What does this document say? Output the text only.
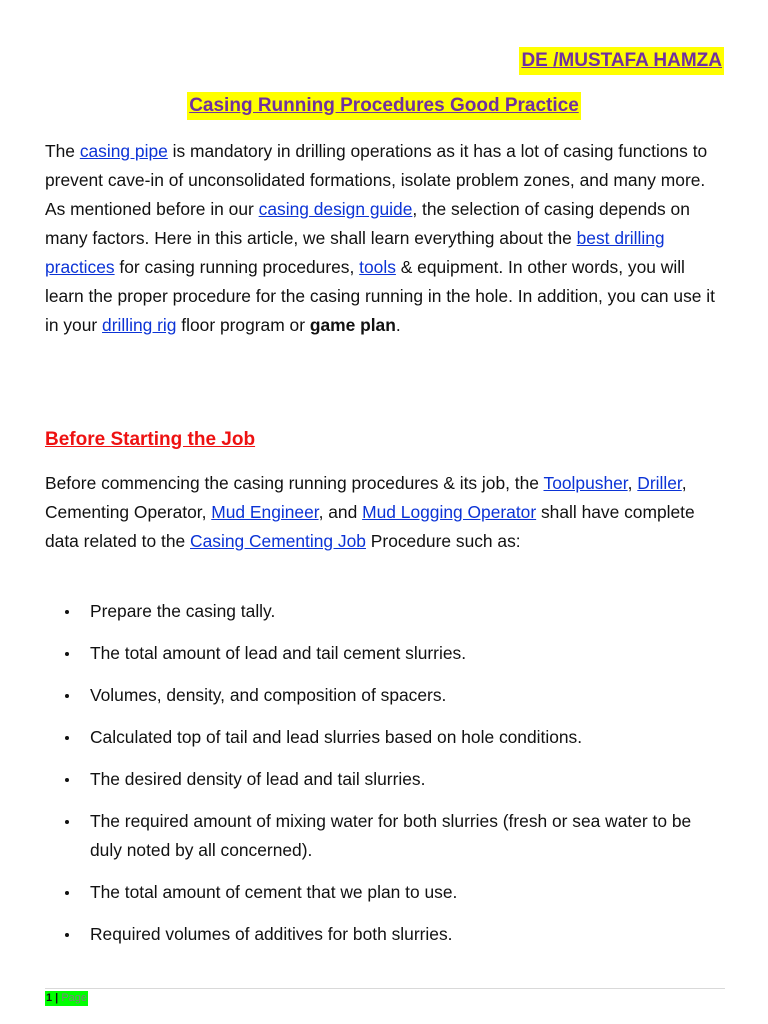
DE /MUSTAFA HAMZA
Casing Running Procedures Good Practice

The casing pipe is mandatory in drilling operations as it has a lot of casing functions to prevent cave-in of unconsolidated formations, isolate problem zones, and many more. As mentioned before in our casing design guide, the selection of casing depends on many factors. Here in this article, we shall learn everything about the best drilling practices for casing running procedures, tools & equipment. In other words, you will learn the proper procedure for the casing running in the hole. In addition, you can use it in your drilling rig floor program or game plan.

Before Starting the Job

Before commencing the casing running procedures & its job, the Toolpusher, Driller, Cementing Operator, Mud Engineer, and Mud Logging Operator shall have complete data related to the Casing Cementing Job Procedure such as:

Prepare the casing tally.
The total amount of lead and tail cement slurries.
Volumes, density, and composition of spacers.
Calculated top of tail and lead slurries based on hole conditions.
The desired density of lead and tail slurries.
The required amount of mixing water for both slurries (fresh or sea water to be duly noted by all concerned).
The total amount of cement that we plan to use.
Required volumes of additives for both slurries.
1 | Page
